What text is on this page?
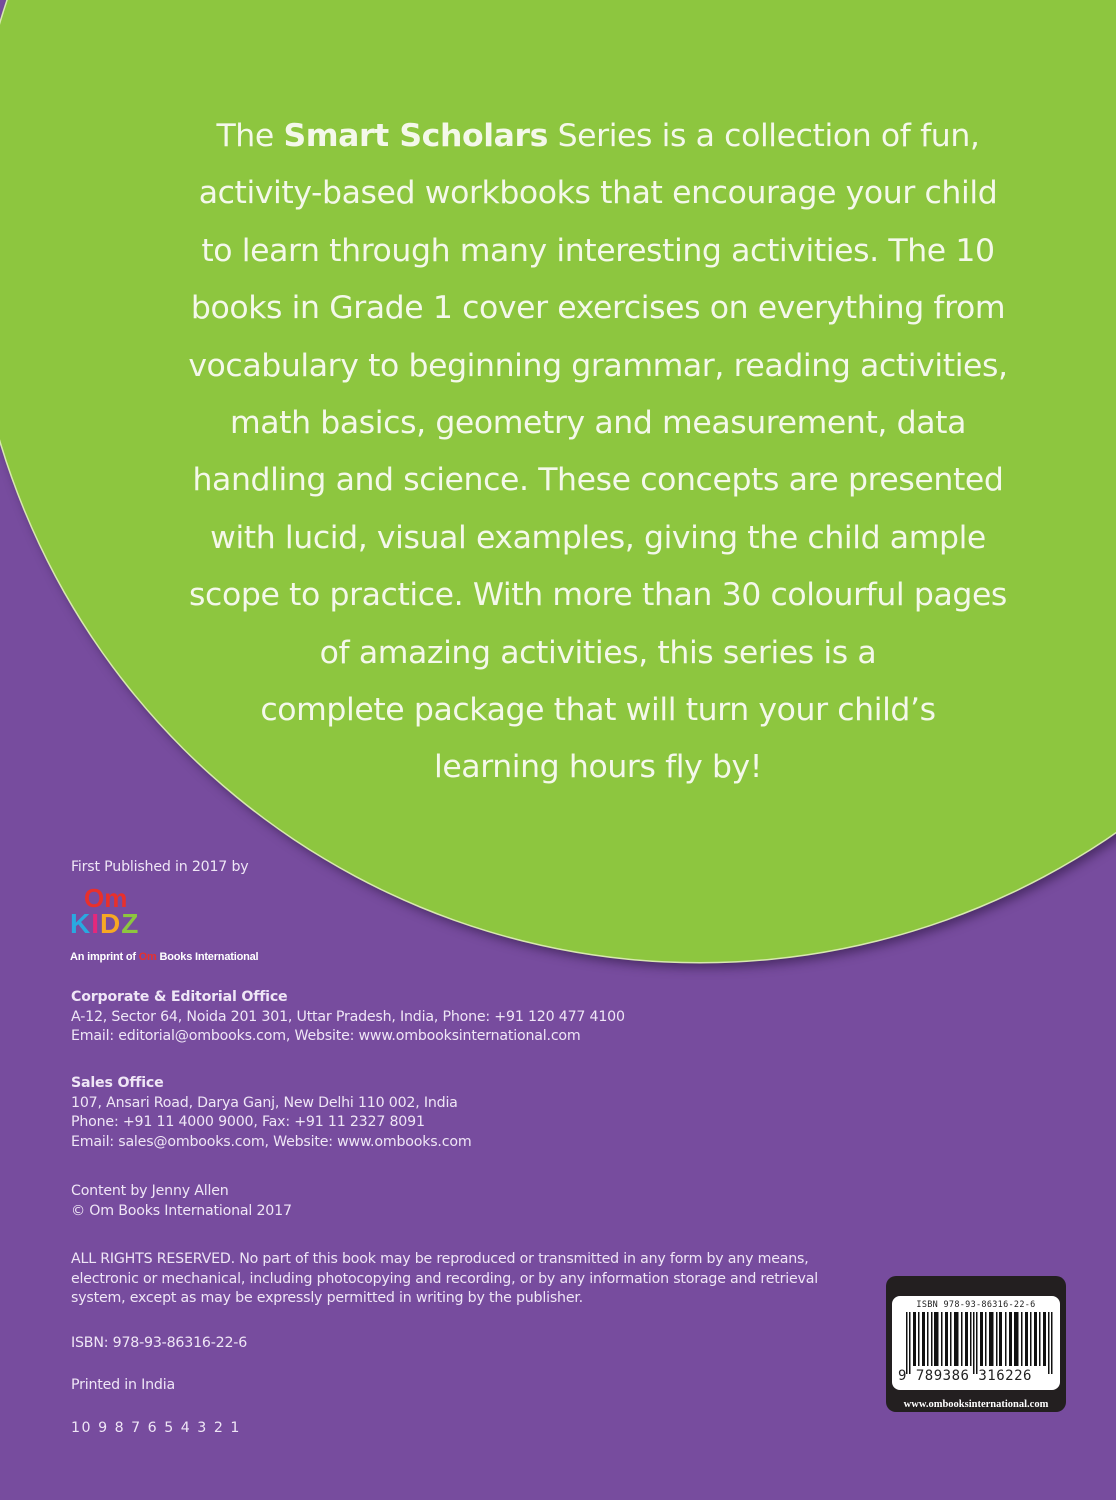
The Smart Scholars Series is a collection of fun,
activity-based workbooks that encourage your child
to learn through many interesting activities. The 10
books in Grade 1 cover exercises on everything from
vocabulary to beginning grammar, reading activities,
math basics, geometry and measurement, data
handling and science. These concepts are presented
with lucid, visual examples, giving the child ample
scope to practice. With more than 30 colourful pages
of amazing activities, this series is a
complete package that will turn your child’s
learning hours fly by!
First Published in 2017 by
Om
KIDZ
An imprint of Om Books International
Corporate & Editorial Office
A-12, Sector 64, Noida 201 301, Uttar Pradesh, India, Phone: +91 120 477 4100
Email: editorial@ombooks.com, Website: www.ombooksinternational.com
Sales Office
107, Ansari Road, Darya Ganj, New Delhi 110 002, India
Phone: +91 11 4000 9000, Fax: +91 11 2327 8091
Email: sales@ombooks.com, Website: www.ombooks.com
Content by Jenny Allen
© Om Books International 2017
ALL RIGHTS RESERVED. No part of this book may be reproduced or transmitted in any form by any means,
electronic or mechanical, including photocopying and recording, or by any information storage and retrieval
system, except as may be expressly permitted in writing by the publisher.
ISBN: 978-93-86316-22-6
Printed in India
10 9 8 7 6 5 4 3 2 1
ISBN 978-93-86316-22-6
9 789386 316226
www.ombooksinternational.com
